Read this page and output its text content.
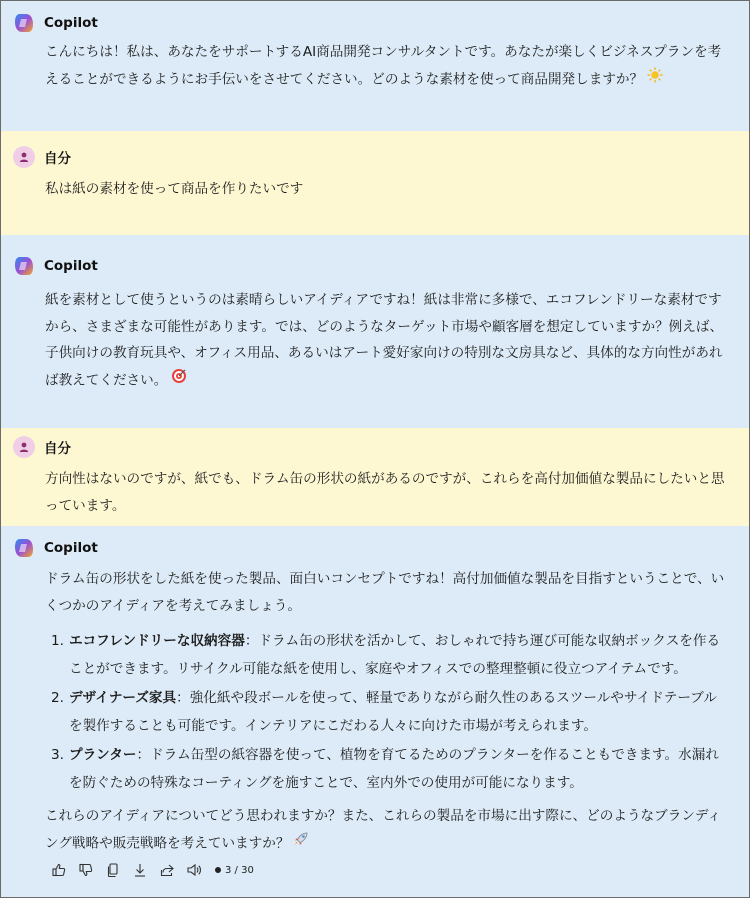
Copilot
こんにちは！私は、あなたをサポートするAI商品開発コンサルタントです。あなたが楽しくビジネスプランを考
えることができるようにお手伝いをさせてください。どのような素材を使って商品開発しますか？
自分
私は紙の素材を使って商品を作りたいです
Copilot
紙を素材として使うというのは素晴らしいアイディアですね！紙は非常に多様で、エコフレンドリーな素材です
から、さまざまな可能性があります。では、どのようなターゲット市場や顧客層を想定していますか？例えば、
子供向けの教育玩具や、オフィス用品、あるいはアート愛好家向けの特別な文房具など、具体的な方向性があれ
ば教えてください。
自分
方向性はないのですが、紙でも、ドラム缶の形状の紙があるのですが、これらを高付加価値な製品にしたいと思
っています。
Copilot
ドラム缶の形状をした紙を使った製品、面白いコンセプトですね！高付加価値な製品を目指すということで、い
くつかのアイディアを考えてみましょう。
1. エコフレンドリーな収納容器：ドラム缶の形状を活かして、おしゃれで持ち運び可能な収納ボックスを作る
ことができます。リサイクル可能な紙を使用し、家庭やオフィスでの整理整頓に役立つアイテムです。
2. デザイナーズ家具：強化紙や段ボールを使って、軽量でありながら耐久性のあるスツールやサイドテーブル
を製作することも可能です。インテリアにこだわる人々に向けた市場が考えられます。
3. プランター：ドラム缶型の紙容器を使って、植物を育てるためのプランターを作ることもできます。水漏れ
を防ぐための特殊なコーティングを施すことで、室内外での使用が可能になります。
これらのアイディアについてどう思われますか？また、これらの製品を市場に出す際に、どのようなブランディ
ング戦略や販売戦略を考えていますか？
3 / 30
